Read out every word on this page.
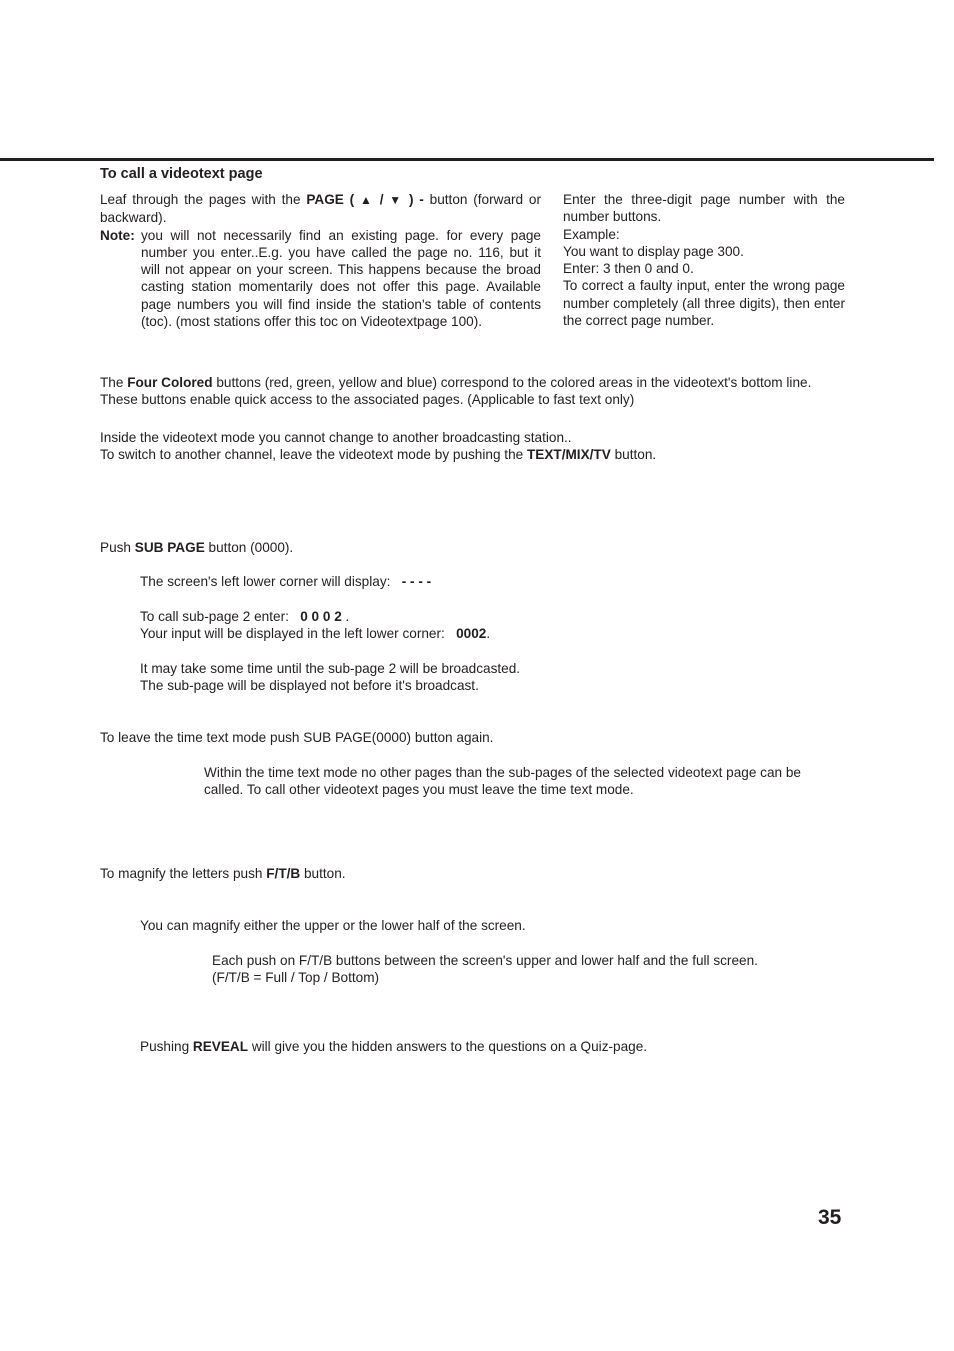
To call a videotext page

Leaf through the pages with the PAGE ( ▲ / ▼ ) - button (forward or backward).

Note: you will not necessarily find an existing page. for every page number you enter..E.g. you have called the page no. 116, but it will not appear on your screen. This happens because the broad casting station momentarily does not offer this page. Available page numbers you will find inside the station's table of contents (toc). (most stations offer this toc on Videotextpage 100).

Enter the three-digit page number with the number buttons.

Example:

You want to display page 300.

Enter: 3 then 0 and 0.

To correct a faulty input, enter the wrong page number completely (all three digits), then enter the correct page number.

The Four Colored buttons (red, green, yellow and blue) correspond to the colored areas in the videotext's bottom line.

These buttons enable quick access to the associated pages. (Applicable to fast text only)

Inside the videotext mode you cannot change to another broadcasting station..

To switch to another channel, leave the videotext mode by pushing the TEXT/MIX/TV button.

Push SUB PAGE button (0000).

The screen's left lower corner will display:   - - - -

To call sub-page 2 enter:   0 0 0 2 .

Your input will be displayed in the left lower corner:   0002.

It may take some time until the sub-page 2 will be broadcasted.

The sub-page will be displayed not before it's broadcast.

To leave the time text mode push SUB PAGE(0000) button again.

Within the time text mode no other pages than the sub-pages of the selected videotext page can be

called. To call other videotext pages you must leave the time text mode.

To magnify the letters push F/T/B button.

You can magnify either the upper or the lower half of the screen.

Each push on F/T/B buttons between the screen's upper and lower half and the full screen.

(F/T/B = Full / Top / Bottom)

Pushing REVEAL will give you the hidden answers to the questions on a Quiz-page.

35
